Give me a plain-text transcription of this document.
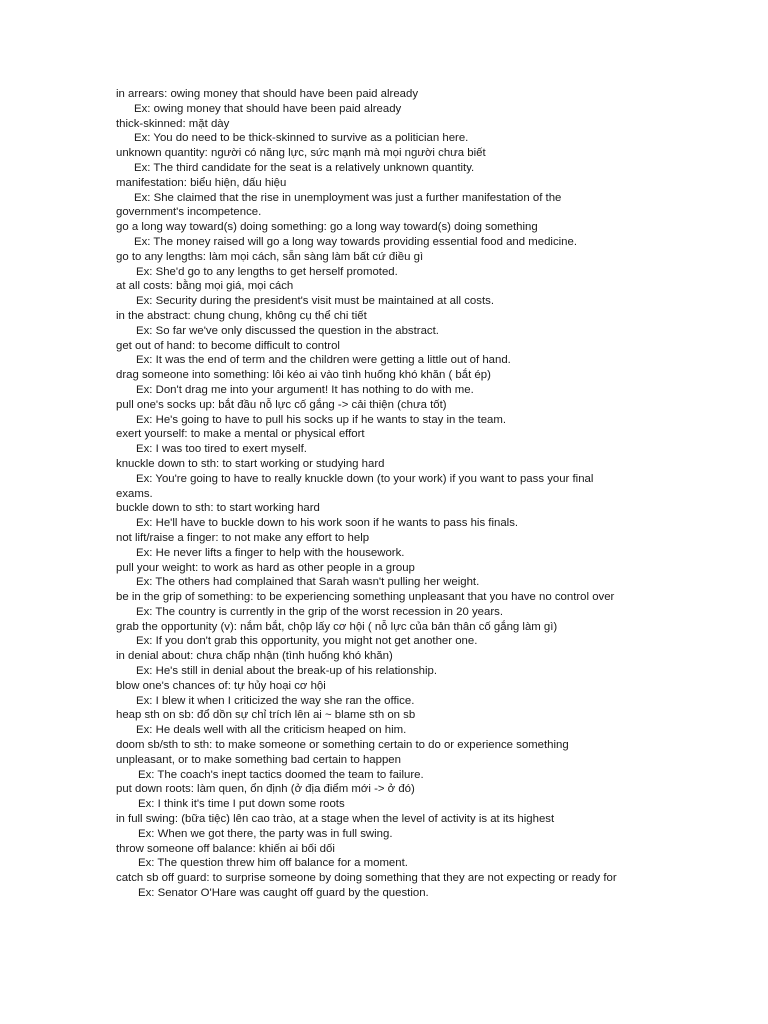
in arrears: owing money that should have been paid already
Ex: owing money that should have been paid already
thick-skinned: mặt dày
Ex: You do need to be thick-skinned to survive as a politician here.
unknown quantity: người có năng lực, sức mạnh mà mọi người chưa biết
Ex: The third candidate for the seat is a relatively unknown quantity.
manifestation: biểu hiện, dấu hiệu
Ex: She claimed that the rise in unemployment was just a further manifestation of the
government's incompetence.
go a long way toward(s) doing something: go a long way toward(s) doing something
Ex: The money raised will go a long way towards providing essential food and medicine.
go to any lengths: làm mọi cách, sẵn sàng làm bất cứ điều gì
Ex: She'd go to any lengths to get herself promoted.
at all costs: bằng mọi giá, mọi cách
Ex: Security during the president's visit must be maintained at all costs.
in the abstract: chung chung, không cụ thể chi tiết
Ex: So far we've only discussed the question in the abstract.
get out of hand: to become difficult to control
Ex: It was the end of term and the children were getting a little out of hand.
drag someone into something: lôi kéo ai vào tình huống khó khăn ( bắt ép)
Ex: Don't drag me into your argument! It has nothing to do with me.
pull one's socks up: bắt đầu nỗ lực cố gắng -> cải thiện (chưa tốt)
Ex: He's going to have to pull his socks up if he wants to stay in the team.
exert yourself: to make a mental or physical effort
Ex: I was too tired to exert myself.
knuckle down to sth: to start working or studying hard
Ex: You're going to have to really knuckle down (to your work) if you want to pass your final
exams.
buckle down to sth: to start working hard
Ex: He'll have to buckle down to his work soon if he wants to pass his finals.
not lift/raise a finger: to not make any effort to help
Ex: He never lifts a finger to help with the housework.
pull your weight: to work as hard as other people in a group
Ex: The others had complained that Sarah wasn't pulling her weight.
be in the grip of something: to be experiencing something unpleasant that you have no control over
Ex: The country is currently in the grip of the worst recession in 20 years.
grab the opportunity (v): nắm bắt, chộp lấy cơ hội ( nỗ lực của bản thân cố gắng làm gì)
Ex: If you don't grab this opportunity, you might not get another one.
in denial about: chưa chấp nhận (tình huống khó khăn)
Ex: He's still in denial about the break-up of his relationship.
blow one's chances of: tự hủy hoại cơ hội
Ex: I blew it when I criticized the way she ran the office.
heap sth on sb: đổ dồn sự chỉ trích lên ai ~ blame sth on sb
Ex: He deals well with all the criticism heaped on him.
doom sb/sth to sth: to make someone or something certain to do or experience something
unpleasant, or to make something bad certain to happen
Ex: The coach's inept tactics doomed the team to failure.
put down roots: làm quen, ổn định (ở địa điểm mới -> ở đó)
Ex: I think it's time I put down some roots
in full swing: (bữa tiệc) lên cao trào, at a stage when the level of activity is at its highest
Ex: When we got there, the party was in full swing.
throw someone off balance: khiến ai bối dối
Ex: The question threw him off balance for a moment.
catch sb off guard: to surprise someone by doing something that they are not expecting or ready for
Ex: Senator O'Hare was caught off guard by the question.
